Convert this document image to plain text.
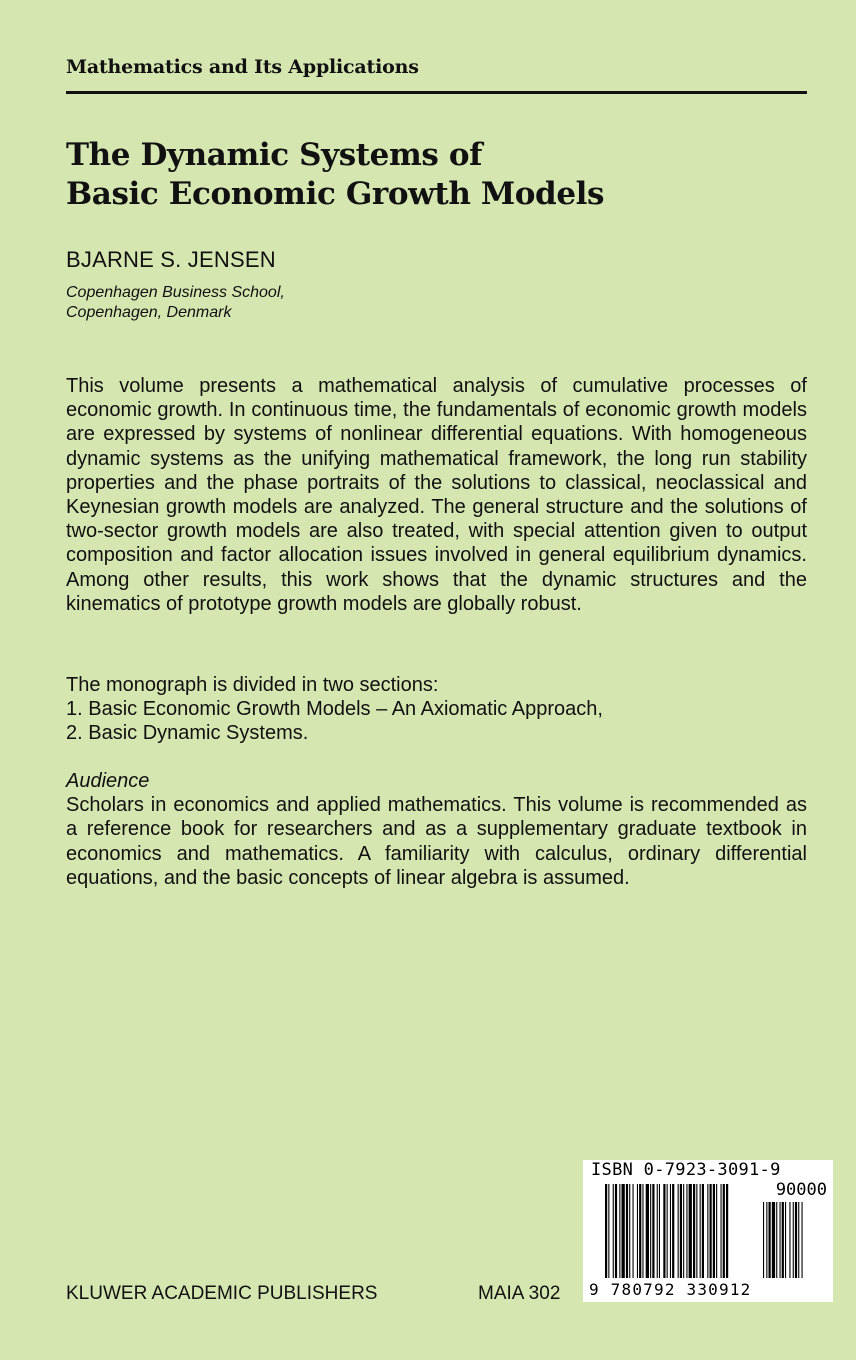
Mathematics and Its Applications
The Dynamic Systems of
Basic Economic Growth Models
BJARNE S. JENSEN
Copenhagen Business School,
Copenhagen, Denmark
This volume presents a mathematical analysis of cumulative processes of economic growth. In continuous time, the fundamentals of economic growth models are expressed by systems of nonlinear differential equations. With homogeneous dynamic systems as the unifying mathematical framework, the long run stability properties and the phase portraits of the solutions to classical, neoclassical and Keynesian growth models are analyzed. The general structure and the solutions of two-sector growth models are also treated, with special attention given to output composition and factor allocation issues involved in general equilibrium dynamics. Among other results, this work shows that the dynamic structures and the kinematics of prototype growth models are globally robust.
The monograph is divided in two sections:
1. Basic Economic Growth Models – An Axiomatic Approach,
2. Basic Dynamic Systems.
Audience
Scholars in economics and applied mathematics. This volume is recommended as a reference book for researchers and as a supplementary graduate textbook in economics and mathematics. A familiarity with calculus, ordinary differential equations, and the basic concepts of linear algebra is assumed.
KLUWER ACADEMIC PUBLISHERS	MAIA 302
ISBN 0-7923-3091-9
90000
9 780792 330912
